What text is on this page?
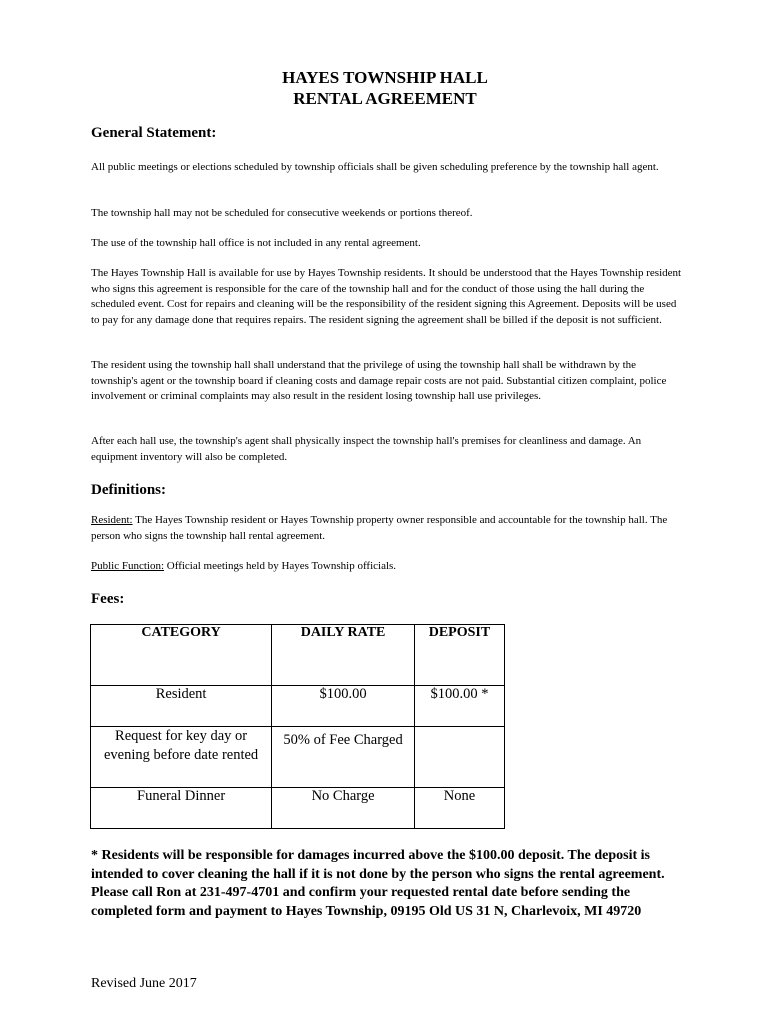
HAYES TOWNSHIP HALL
RENTAL AGREEMENT
General Statement:
All public meetings or elections scheduled by township officials shall be given scheduling preference by the township hall agent.
The township hall may not be scheduled for consecutive weekends or portions thereof.
The use of the township hall office is not included in any rental agreement.
The Hayes Township Hall is available for use by Hayes Township residents. It should be understood that the Hayes Township resident who signs this agreement is responsible for the care of the township hall and for the conduct of those using the hall during the scheduled event. Cost for repairs and cleaning will be the responsibility of the resident signing this Agreement. Deposits will be used to pay for any damage done that requires repairs. The resident signing the agreement shall be billed if the deposit is not sufficient.
The resident using the township hall shall understand that the privilege of using the township hall shall be withdrawn by the township's agent or the township board if cleaning costs and damage repair costs are not paid. Substantial citizen complaint, police involvement or criminal complaints may also result in the resident losing township hall use privileges.
After each hall use, the township's agent shall physically inspect the township hall's premises for cleanliness and damage. An equipment inventory will also be completed.
Definitions:
Resident: The Hayes Township resident or Hayes Township property owner responsible and accountable for the township hall. The person who signs the township hall rental agreement.
Public Function: Official meetings held by Hayes Township officials.
Fees:
CATEGORY	DAILY RATE	DEPOSIT
Resident	$100.00	$100.00 *
Request for key day or evening before date rented	50% of Fee Charged	
Funeral Dinner	No Charge	None
* Residents will be responsible for damages incurred above the $100.00 deposit. The deposit is intended to cover cleaning the hall if it is not done by the person who signs the rental agreement. Please call Ron at 231-497-4701 and confirm your requested rental date before sending the completed form and payment to Hayes Township, 09195 Old US 31 N, Charlevoix, MI 49720
Revised June 2017
